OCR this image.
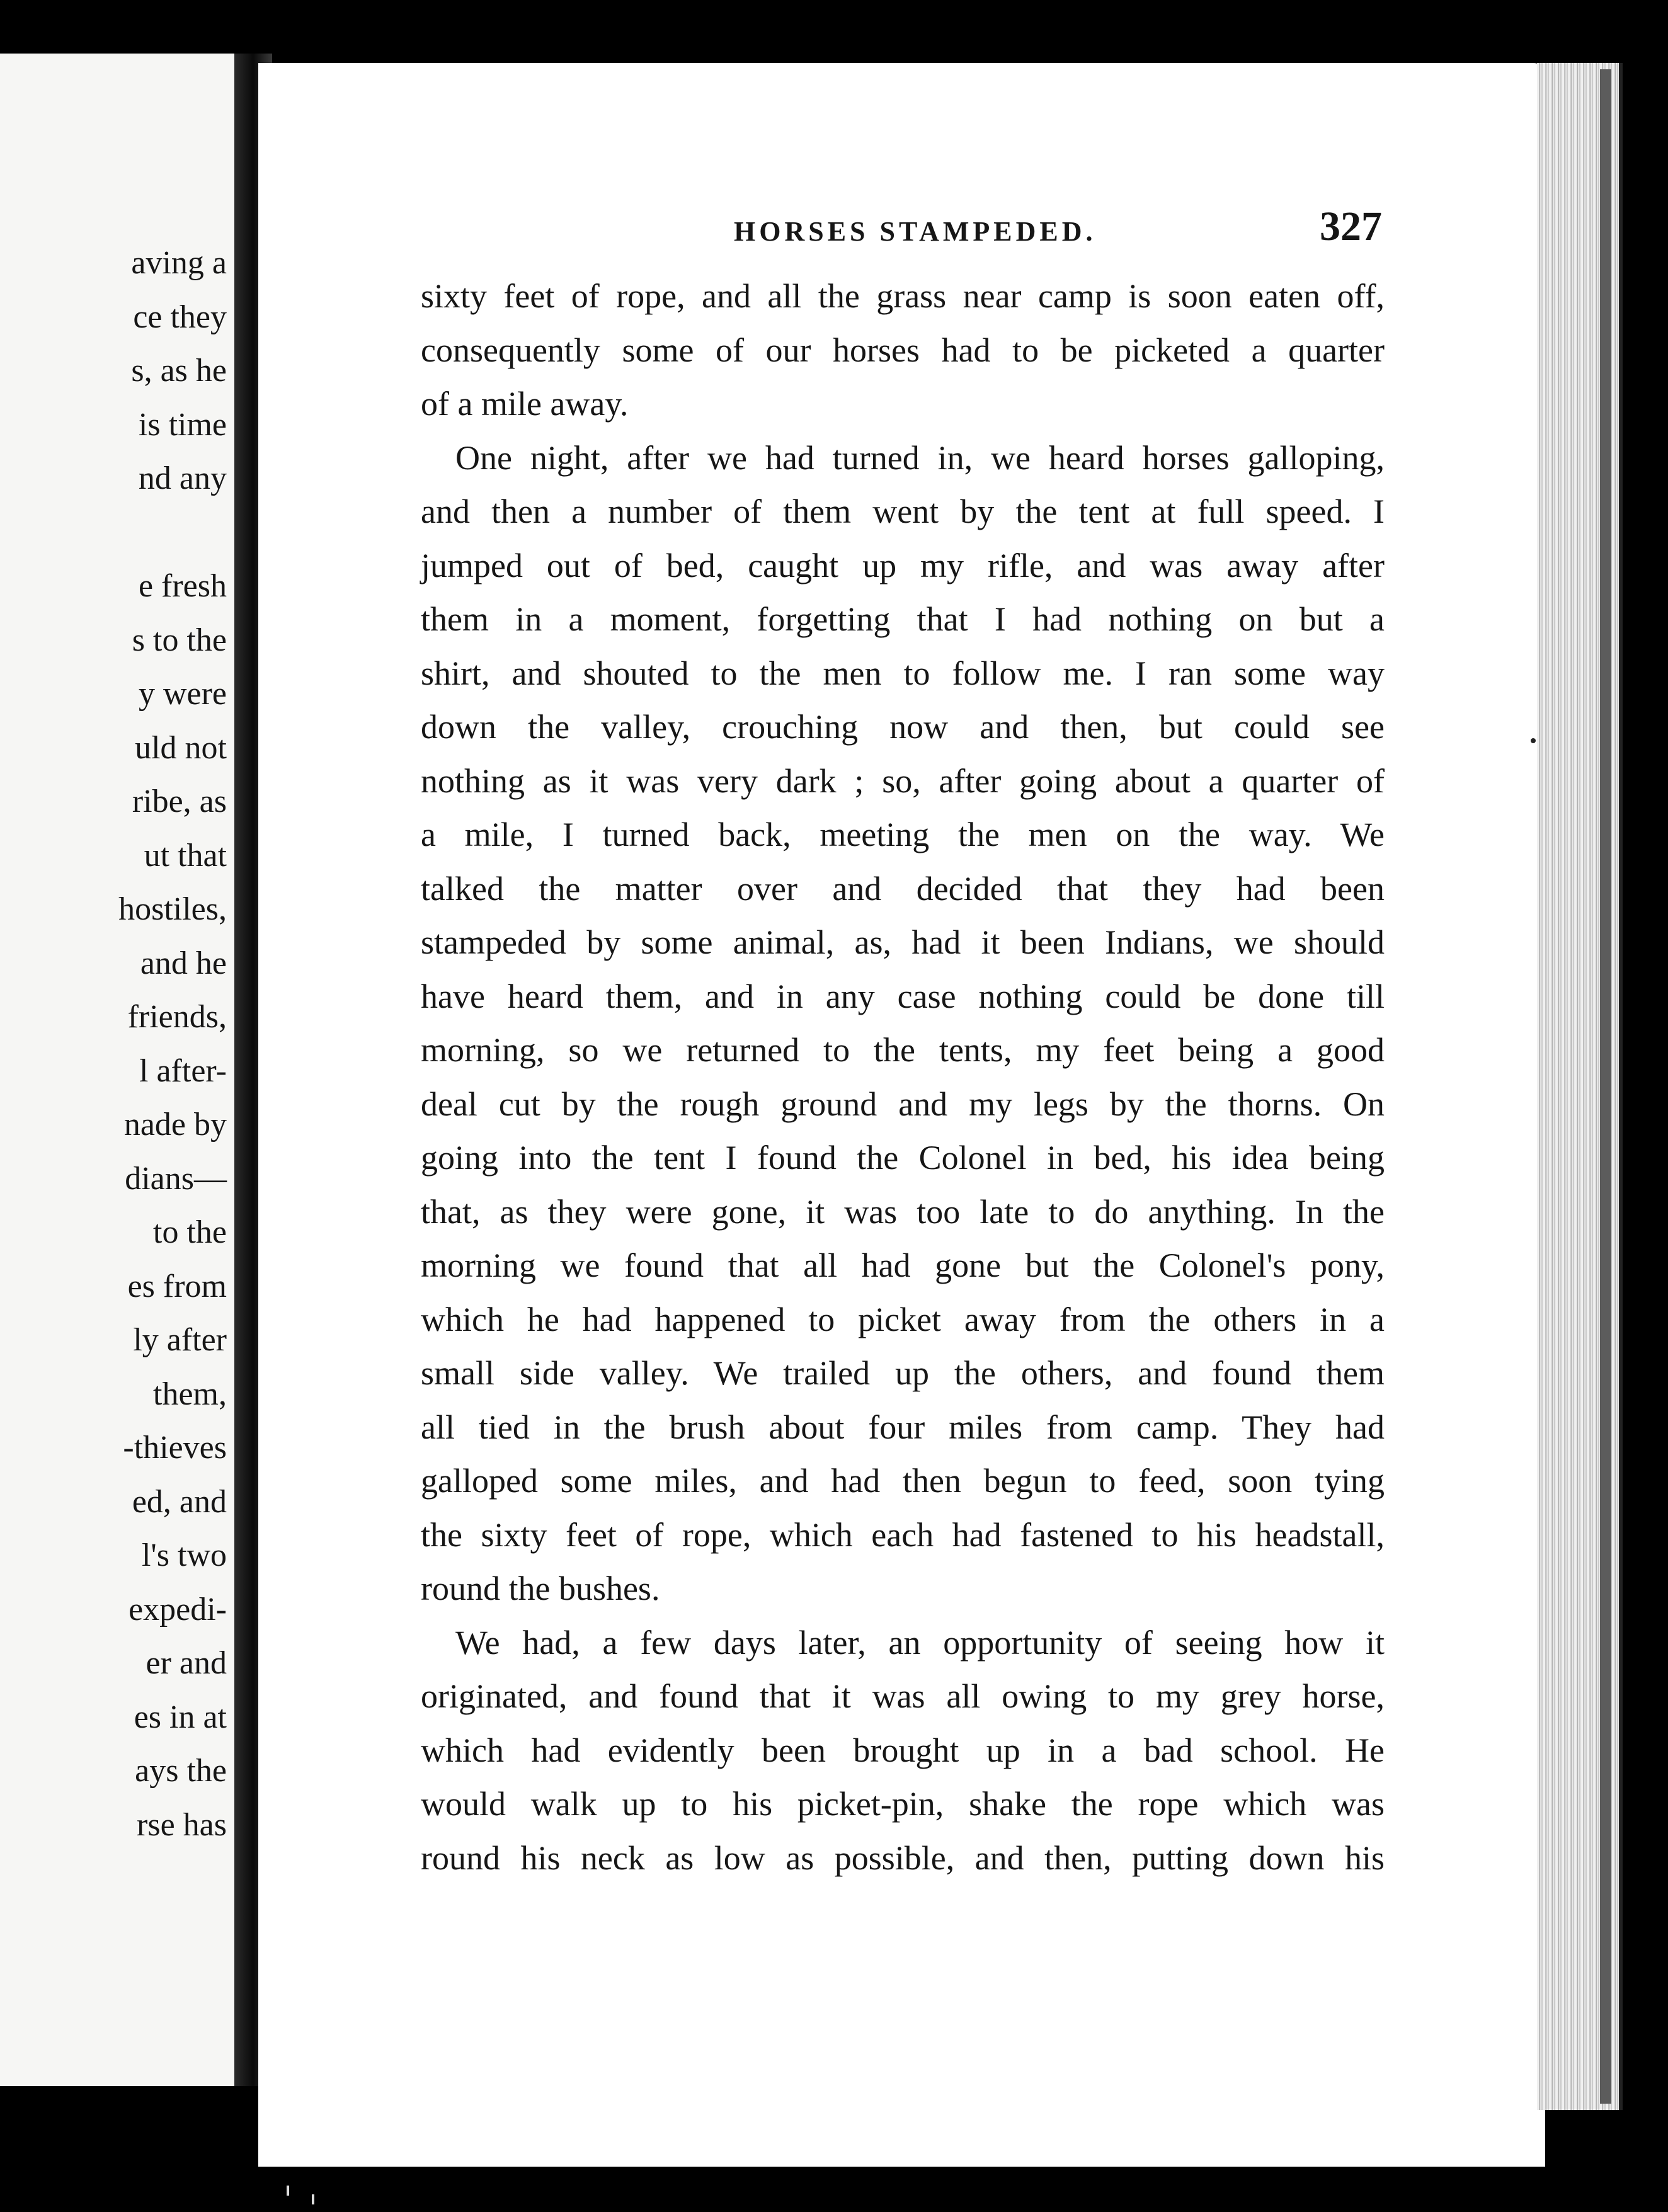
aving a
ce they
s, as he
is time
nd any
e fresh
s to the
y were
uld not
ribe, as
ut that
hostiles,
and he
friends,
l after-
nade by
dians—
to the
es from
ly after
them,
-thieves
ed, and
l's two
expedi-
er and
es in at
ays the
rse has
HORSES STAMPEDED.	327
sixty feet of rope, and all the grass near camp is soon eaten off,
consequently some of our horses had to be picketed a quarter
of a mile away.
One night, after we had turned in, we heard horses galloping,
and then a number of them went by the tent at full speed. I
jumped out of bed, caught up my rifle, and was away after
them in a moment, forgetting that I had nothing on but a
shirt, and shouted to the men to follow me. I ran some way
down the valley, crouching now and then, but could see
nothing as it was very dark ; so, after going about a quarter of
a mile, I turned back, meeting the men on the way. We
talked the matter over and decided that they had been
stampeded by some animal, as, had it been Indians, we should
have heard them, and in any case nothing could be done till
morning, so we returned to the tents, my feet being a good
deal cut by the rough ground and my legs by the thorns. On
going into the tent I found the Colonel in bed, his idea being
that, as they were gone, it was too late to do anything. In the
morning we found that all had gone but the Colonel's pony,
which he had happened to picket away from the others in a
small side valley. We trailed up the others, and found them
all tied in the brush about four miles from camp. They had
galloped some miles, and had then begun to feed, soon tying
the sixty feet of rope, which each had fastened to his headstall,
round the bushes.
We had, a few days later, an opportunity of seeing how it
originated, and found that it was all owing to my grey horse,
which had evidently been brought up in a bad school. He
would walk up to his picket-pin, shake the rope which was
round his neck as low as possible, and then, putting down his
